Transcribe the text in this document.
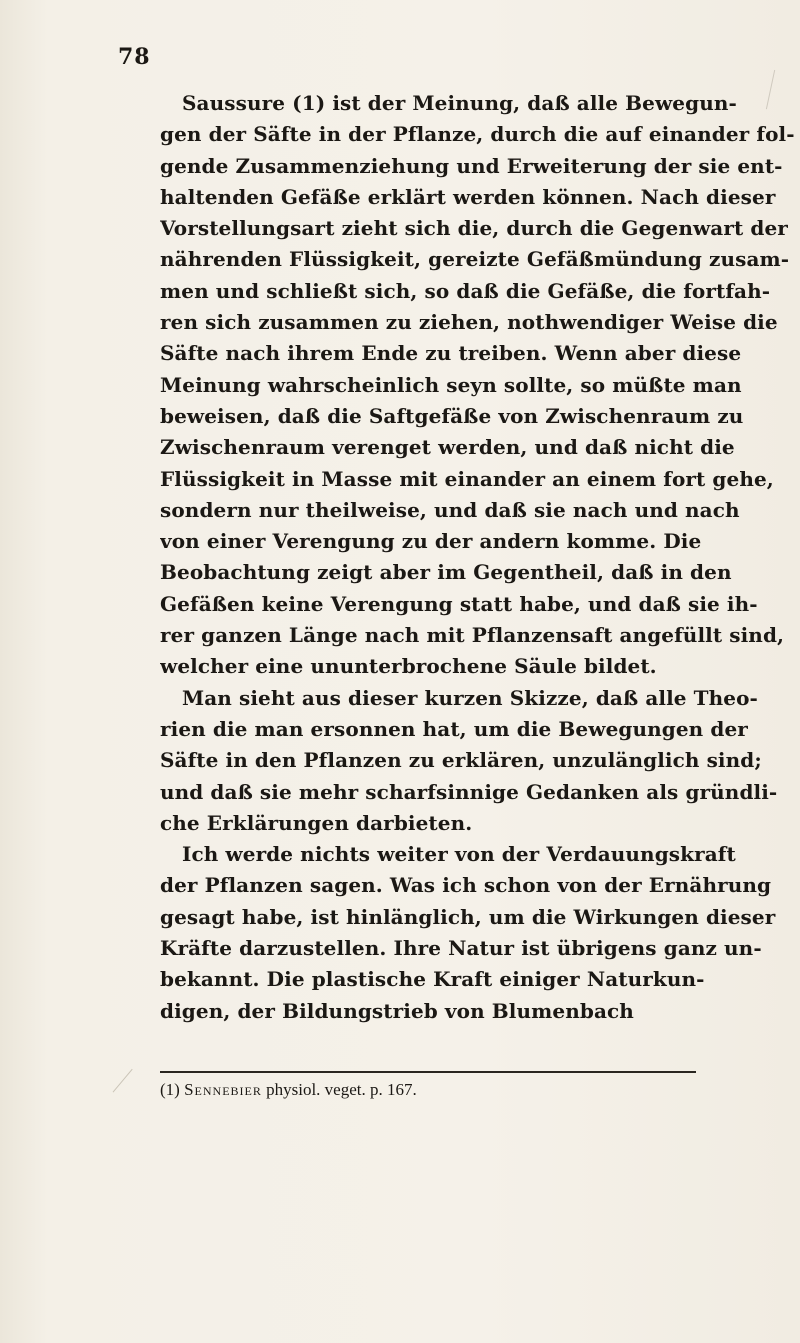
78
Saussure (1) ist der Meinung, daß alle Bewegun-
gen der Säfte in der Pflanze, durch die auf einander fol-
gende Zusammenziehung und Erweiterung der sie ent-
haltenden Gefäße erklärt werden können. Nach dieser
Vorstellungsart zieht sich die, durch die Gegenwart der
nährenden Flüssigkeit, gereizte Gefäßmündung zusam-
men und schließt sich, so daß die Gefäße, die fortfah-
ren sich zusammen zu ziehen, nothwendiger Weise die
Säfte nach ihrem Ende zu treiben. Wenn aber diese
Meinung wahrscheinlich seyn sollte, so müßte man
beweisen, daß die Saftgefäße von Zwischenraum zu
Zwischenraum verenget werden, und daß nicht die
Flüssigkeit in Masse mit einander an einem fort gehe,
sondern nur theilweise, und daß sie nach und nach
von einer Verengung zu der andern komme. Die
Beobachtung zeigt aber im Gegentheil, daß in den
Gefäßen keine Verengung statt habe, und daß sie ih-
rer ganzen Länge nach mit Pflanzensaft angefüllt sind,
welcher eine ununterbrochene Säule bildet.
Man sieht aus dieser kurzen Skizze, daß alle Theo-
rien die man ersonnen hat, um die Bewegungen der
Säfte in den Pflanzen zu erklären, unzulänglich sind;
und daß sie mehr scharfsinnige Gedanken als gründli-
che Erklärungen darbieten.
Ich werde nichts weiter von der Verdauungskraft
der Pflanzen sagen. Was ich schon von der Ernährung
gesagt habe, ist hinlänglich, um die Wirkungen dieser
Kräfte darzustellen. Ihre Natur ist übrigens ganz un-
bekannt. Die plastische Kraft einiger Naturkun-
digen, der Bildungstrieb von Blumenbach
(1) Sennebier physiol. veget. p. 167.
